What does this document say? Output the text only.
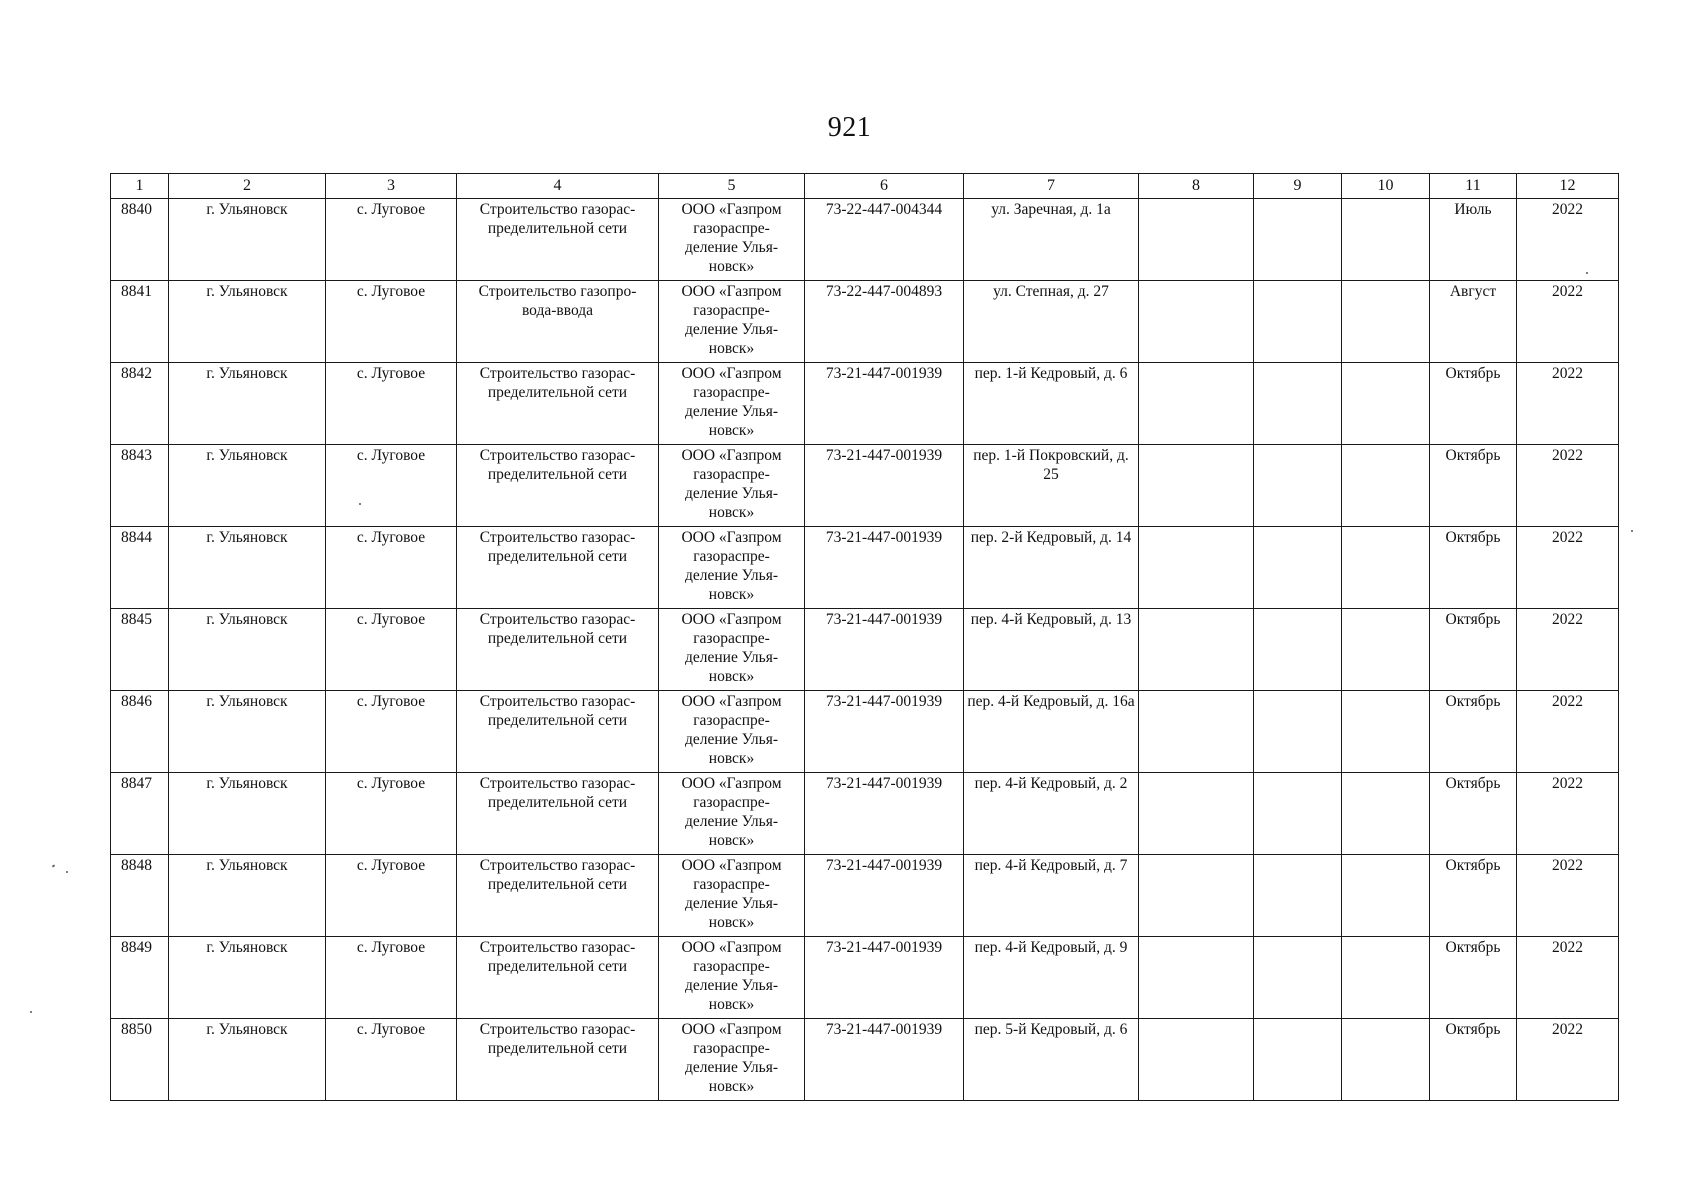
921
1	2	3	4	5	6	7	8	9	10	11	12
8840	г. Ульяновск	с. Луговое	Строительство газорас-
пределительной сети	ООО «Газпром
газораспре-
деление Улья-
новск»	73-22-447-004344	ул. Заречная, д. 1а				Июль	2022
8841	г. Ульяновск	с. Луговое	Строительство газопро-
вода-ввода	ООО «Газпром
газораспре-
деление Улья-
новск»	73-22-447-004893	ул. Степная, д. 27				Август	2022
8842	г. Ульяновск	с. Луговое	Строительство газорас-
пределительной сети	ООО «Газпром
газораспре-
деление Улья-
новск»	73-21-447-001939	пер. 1-й Кедровый, д. 6				Октябрь	2022
8843	г. Ульяновск	с. Луговое	Строительство газорас-
пределительной сети	ООО «Газпром
газораспре-
деление Улья-
новск»	73-21-447-001939	пер. 1-й Покровский, д. 25				Октябрь	2022
8844	г. Ульяновск	с. Луговое	Строительство газорас-
пределительной сети	ООО «Газпром
газораспре-
деление Улья-
новск»	73-21-447-001939	пер. 2-й Кедровый, д. 14				Октябрь	2022
8845	г. Ульяновск	с. Луговое	Строительство газорас-
пределительной сети	ООО «Газпром
газораспре-
деление Улья-
новск»	73-21-447-001939	пер. 4-й Кедровый, д. 13				Октябрь	2022
8846	г. Ульяновск	с. Луговое	Строительство газорас-
пределительной сети	ООО «Газпром
газораспре-
деление Улья-
новск»	73-21-447-001939	пер. 4-й Кедровый, д. 16а				Октябрь	2022
8847	г. Ульяновск	с. Луговое	Строительство газорас-
пределительной сети	ООО «Газпром
газораспре-
деление Улья-
новск»	73-21-447-001939	пер. 4-й Кедровый, д. 2				Октябрь	2022
8848	г. Ульяновск	с. Луговое	Строительство газорас-
пределительной сети	ООО «Газпром
газораспре-
деление Улья-
новск»	73-21-447-001939	пер. 4-й Кедровый, д. 7				Октябрь	2022
8849	г. Ульяновск	с. Луговое	Строительство газорас-
пределительной сети	ООО «Газпром
газораспре-
деление Улья-
новск»	73-21-447-001939	пер. 4-й Кедровый, д. 9				Октябрь	2022
8850	г. Ульяновск	с. Луговое	Строительство газорас-
пределительной сети	ООО «Газпром
газораспре-
деление Улья-
новск»	73-21-447-001939	пер. 5-й Кедровый, д. 6				Октябрь	2022
